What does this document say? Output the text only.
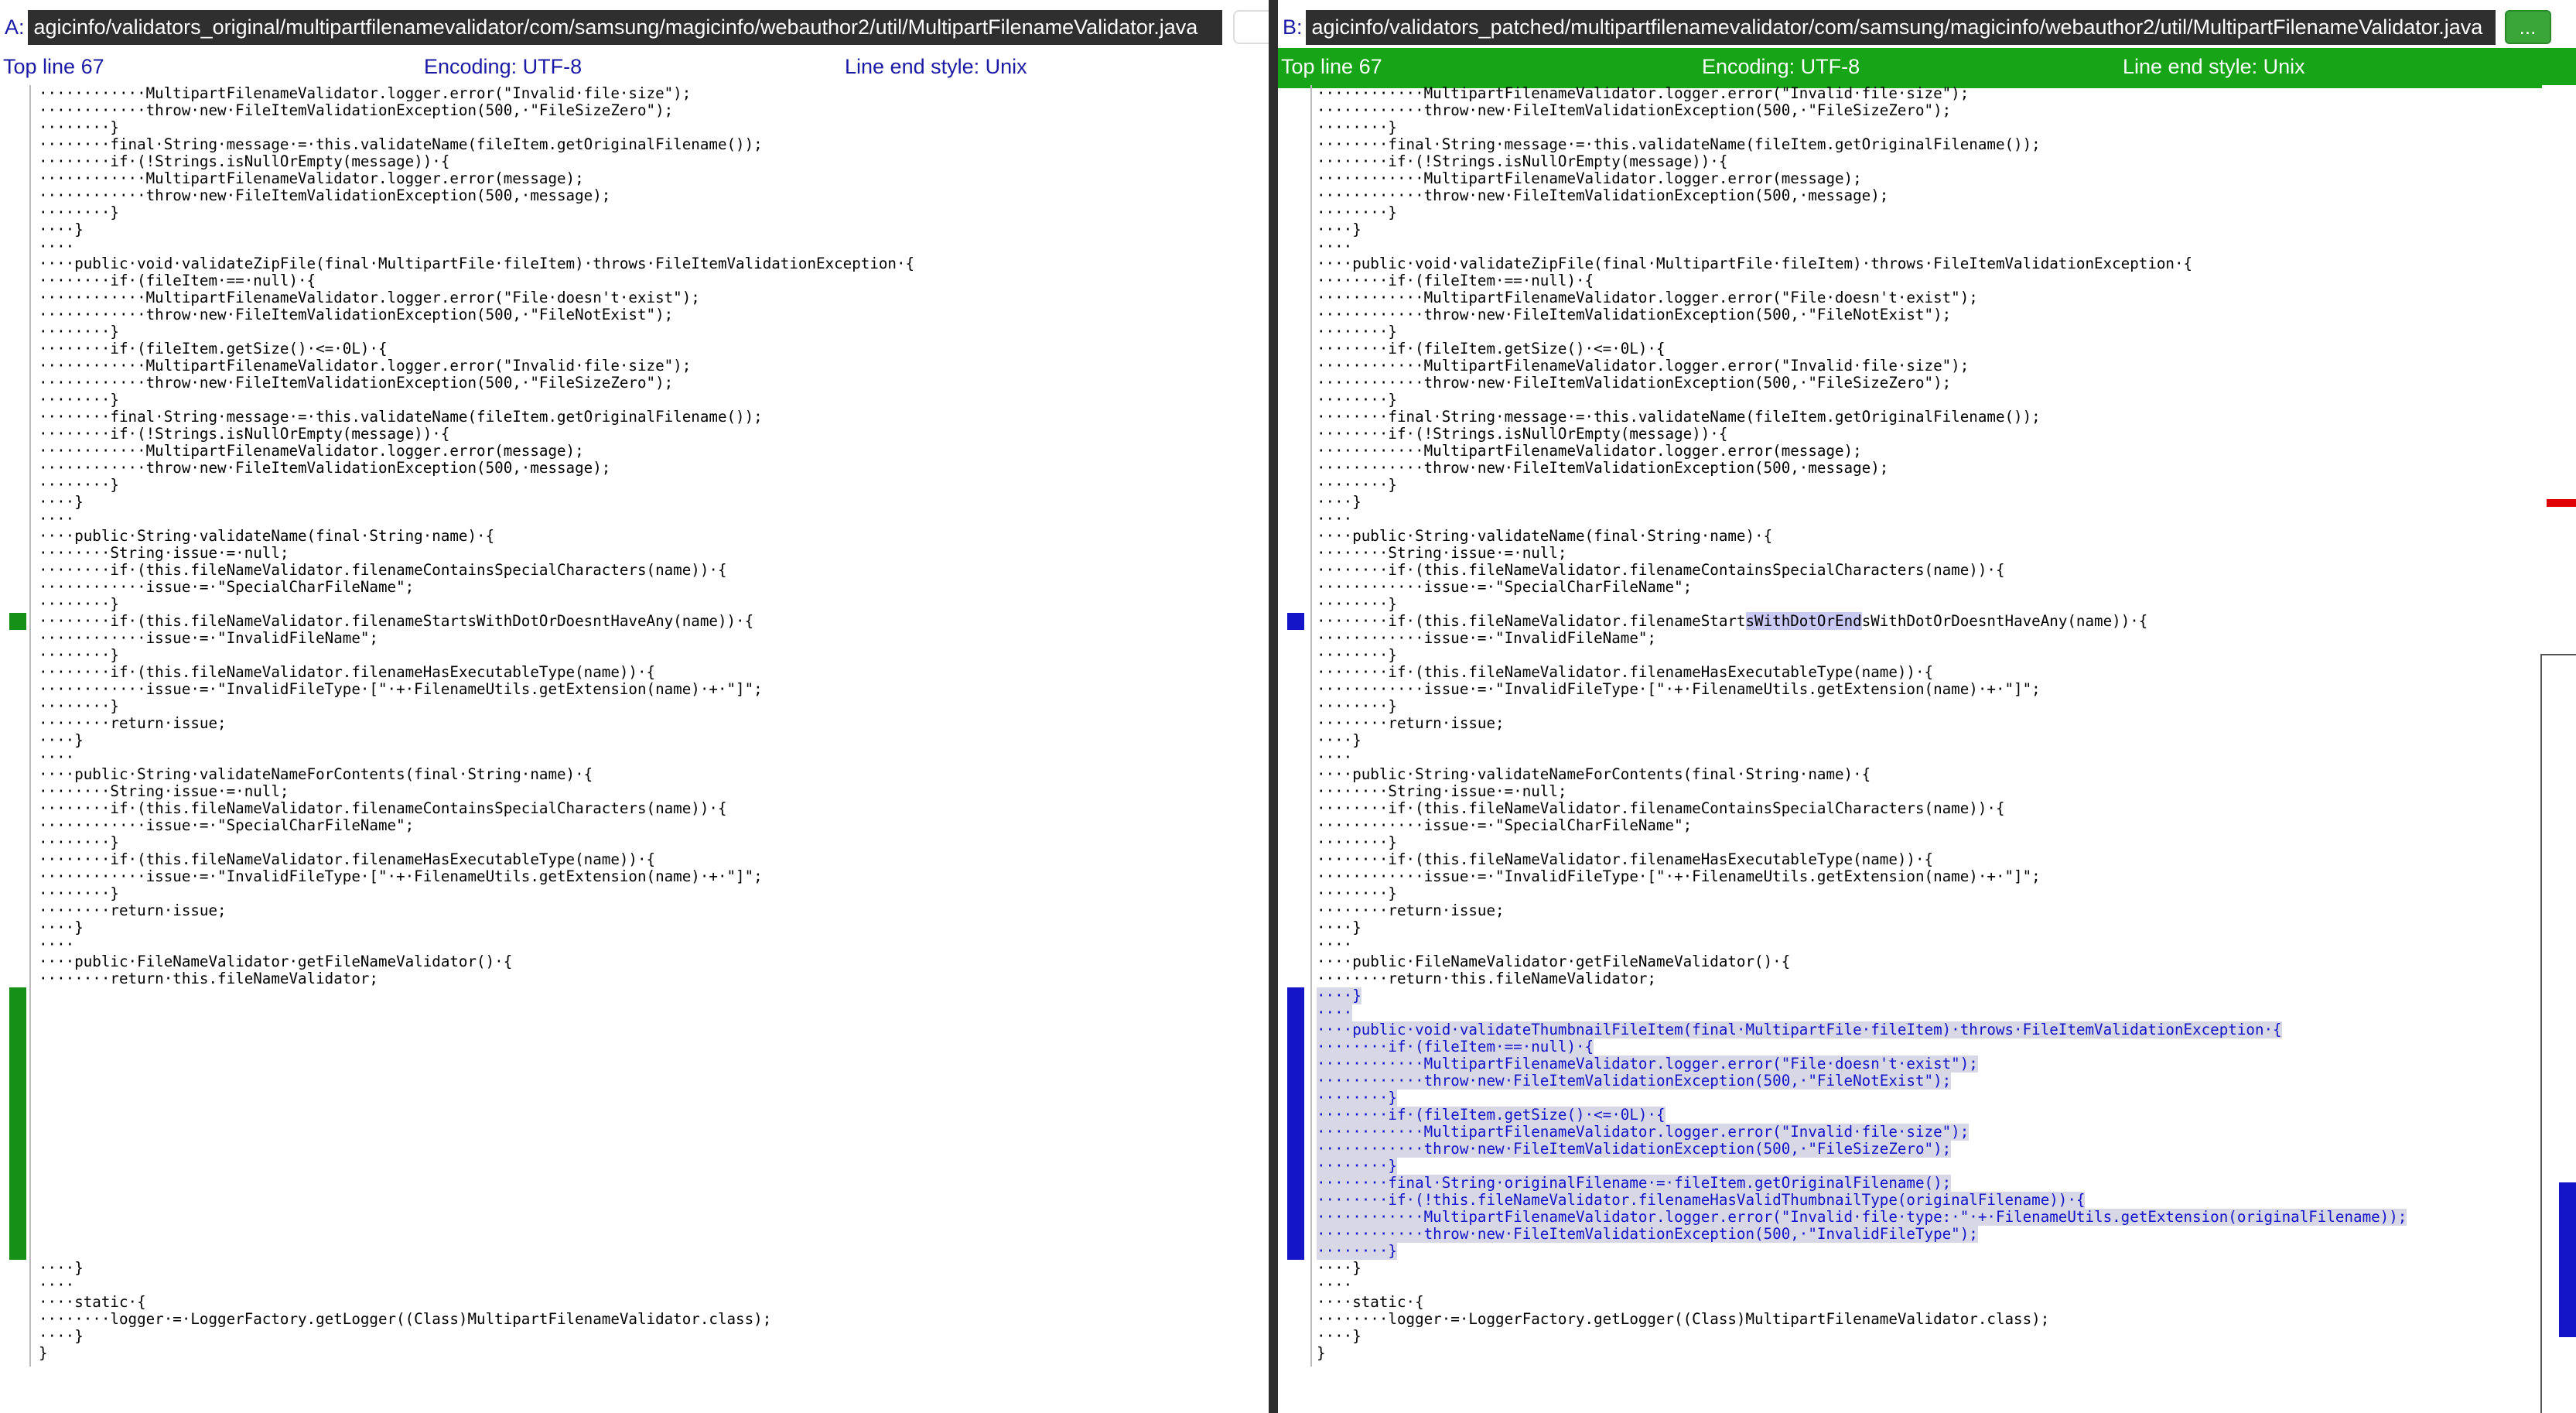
A: agicinfo/validators_original/multipartfilenamevalidator/com/samsung/magicinfo/webauthor2/util/MultipartFilenameValidator.java
Top line 67	Encoding: UTF-8	Line end style: Unix
············MultipartFilenameValidator.logger.error("Invalid·file·size");
············throw·new·FileItemValidationException(500,·"FileSizeZero");
········}
········final·String·message·=·this.validateName(fileItem.getOriginalFilename());
········if·(!Strings.isNullOrEmpty(message))·{
············MultipartFilenameValidator.logger.error(message);
············throw·new·FileItemValidationException(500,·message);
········}
····}
····
····public·void·validateZipFile(final·MultipartFile·fileItem)·throws·FileItemValidationException·{
········if·(fileItem·==·null)·{
············MultipartFilenameValidator.logger.error("File·doesn't·exist");
············throw·new·FileItemValidationException(500,·"FileNotExist");
········}
········if·(fileItem.getSize()·<=·0L)·{
············MultipartFilenameValidator.logger.error("Invalid·file·size");
············throw·new·FileItemValidationException(500,·"FileSizeZero");
········}
········final·String·message·=·this.validateName(fileItem.getOriginalFilename());
········if·(!Strings.isNullOrEmpty(message))·{
············MultipartFilenameValidator.logger.error(message);
············throw·new·FileItemValidationException(500,·message);
········}
····}
····
····public·String·validateName(final·String·name)·{
········String·issue·=·null;
········if·(this.fileNameValidator.filenameContainsSpecialCharacters(name))·{
············issue·=·"SpecialCharFileName";
········}
········if·(this.fileNameValidator.filenameStartsWithDotOrDoesntHaveAny(name))·{
············issue·=·"InvalidFileName";
········}
········if·(this.fileNameValidator.filenameHasExecutableType(name))·{
············issue·=·"InvalidFileType·["·+·FilenameUtils.getExtension(name)·+·"]";
········}
········return·issue;
····}
····
····public·String·validateNameForContents(final·String·name)·{
········String·issue·=·null;
········if·(this.fileNameValidator.filenameContainsSpecialCharacters(name))·{
············issue·=·"SpecialCharFileName";
········}
········if·(this.fileNameValidator.filenameHasExecutableType(name))·{
············issue·=·"InvalidFileType·["·+·FilenameUtils.getExtension(name)·+·"]";
········}
········return·issue;
····}
····
····public·FileNameValidator·getFileNameValidator()·{
········return·this.fileNameValidator;
····}
····
····static·{
········logger·=·LoggerFactory.getLogger((Class)MultipartFilenameValidator.class);
····}
}
B: agicinfo/validators_patched/multipartfilenamevalidator/com/samsung/magicinfo/webauthor2/util/MultipartFilenameValidator.java	...
Top line 67	Encoding: UTF-8	Line end style: Unix
············MultipartFilenameValidator.logger.error("Invalid·file·size");
············throw·new·FileItemValidationException(500,·"FileSizeZero");
········}
········final·String·message·=·this.validateName(fileItem.getOriginalFilename());
········if·(!Strings.isNullOrEmpty(message))·{
············MultipartFilenameValidator.logger.error(message);
············throw·new·FileItemValidationException(500,·message);
········}
····}
····
····public·void·validateZipFile(final·MultipartFile·fileItem)·throws·FileItemValidationException·{
········if·(fileItem·==·null)·{
············MultipartFilenameValidator.logger.error("File·doesn't·exist");
············throw·new·FileItemValidationException(500,·"FileNotExist");
········}
········if·(fileItem.getSize()·<=·0L)·{
············MultipartFilenameValidator.logger.error("Invalid·file·size");
············throw·new·FileItemValidationException(500,·"FileSizeZero");
········}
········final·String·message·=·this.validateName(fileItem.getOriginalFilename());
········if·(!Strings.isNullOrEmpty(message))·{
············MultipartFilenameValidator.logger.error(message);
············throw·new·FileItemValidationException(500,·message);
········}
····}
····
····public·String·validateName(final·String·name)·{
········String·issue·=·null;
········if·(this.fileNameValidator.filenameContainsSpecialCharacters(name))·{
············issue·=·"SpecialCharFileName";
········}
········if·(this.fileNameValidator.filenameStartsWithDotOrEndsWithDotOrDoesntHaveAny(name))·{
············issue·=·"InvalidFileName";
········}
········if·(this.fileNameValidator.filenameHasExecutableType(name))·{
············issue·=·"InvalidFileType·["·+·FilenameUtils.getExtension(name)·+·"]";
········}
········return·issue;
····}
····
····public·String·validateNameForContents(final·String·name)·{
········String·issue·=·null;
········if·(this.fileNameValidator.filenameContainsSpecialCharacters(name))·{
············issue·=·"SpecialCharFileName";
········}
········if·(this.fileNameValidator.filenameHasExecutableType(name))·{
············issue·=·"InvalidFileType·["·+·FilenameUtils.getExtension(name)·+·"]";
········}
········return·issue;
····}
····
····public·FileNameValidator·getFileNameValidator()·{
········return·this.fileNameValidator;
····}
····
····public·void·validateThumbnailFileItem(final·MultipartFile·fileItem)·throws·FileItemValidationException·{
········if·(fileItem·==·null)·{
············MultipartFilenameValidator.logger.error("File·doesn't·exist");
············throw·new·FileItemValidationException(500,·"FileNotExist");
········}
········if·(fileItem.getSize()·<=·0L)·{
············MultipartFilenameValidator.logger.error("Invalid·file·size");
············throw·new·FileItemValidationException(500,·"FileSizeZero");
········}
········final·String·originalFilename·=·fileItem.getOriginalFilename();
········if·(!this.fileNameValidator.filenameHasValidThumbnailType(originalFilename))·{
············MultipartFilenameValidator.logger.error("Invalid·file·type:·"·+·FilenameUtils.getExtension(originalFilename));
············throw·new·FileItemValidationException(500,·"InvalidFileType");
········}
····}
····
····static·{
········logger·=·LoggerFactory.getLogger((Class)MultipartFilenameValidator.class);
····}
}
